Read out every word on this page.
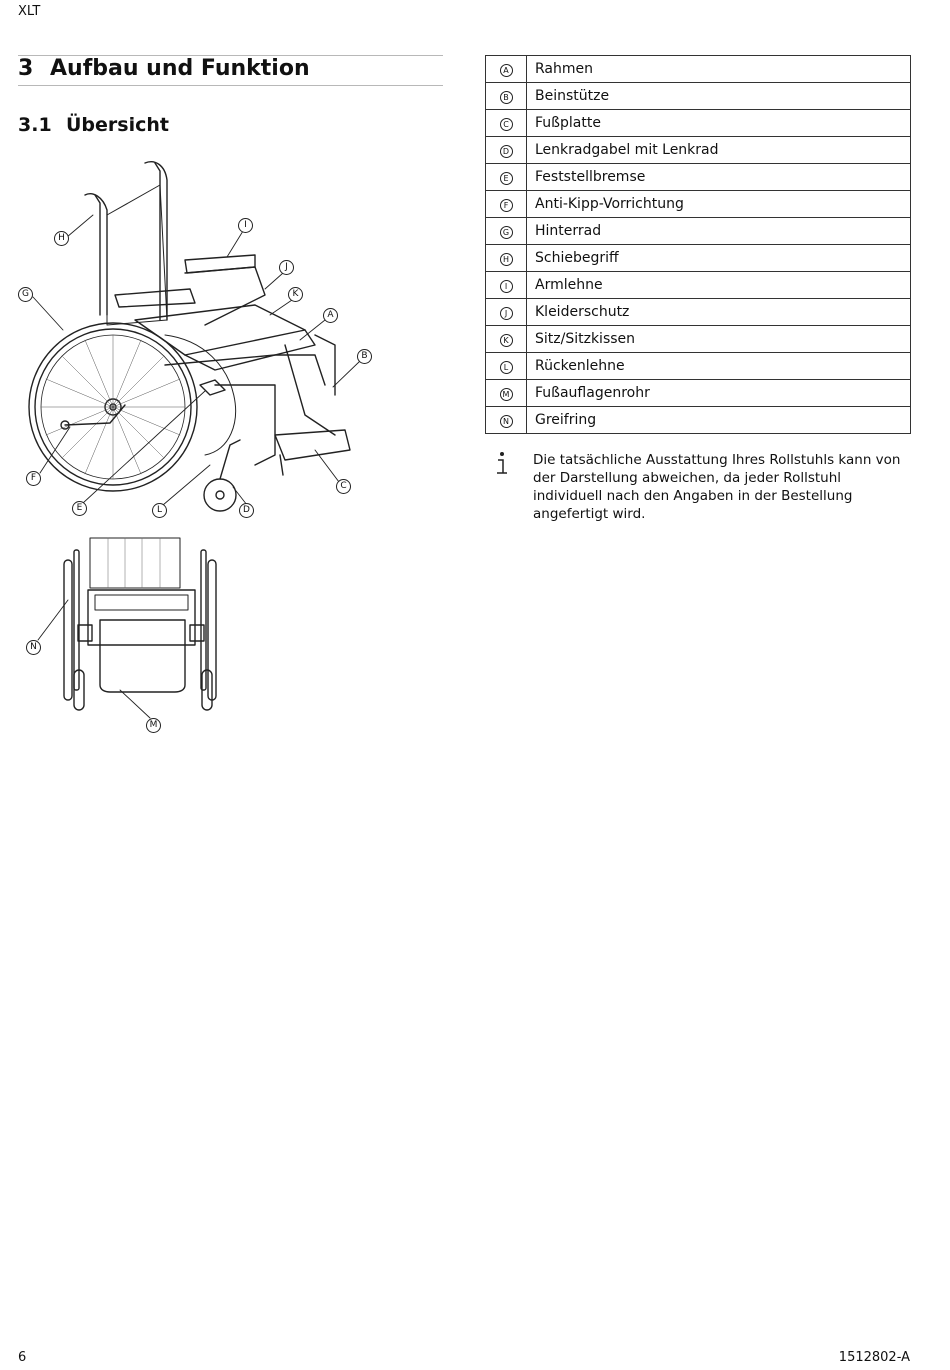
XLT
3 Aufbau und Funktion
3.1 Übersicht
H
I
J
G	K
A
B
F
C
E	L	D
N
M
A	Rahmen
B	Beinstütze
C	Fußplatte
D	Lenkradgabel mit Lenkrad
E	Feststellbremse
F	Anti-Kipp-Vorrichtung
G	Hinterrad
H	Schiebegriff
I	Armlehne
J	Kleiderschutz
K	Sitz/Sitzkissen
L	Rückenlehne
M	Fußauflagenrohr
N	Greifring
Die tatsächliche Ausstattung Ihres Rollstuhls kann von der Darstellung abweichen, da jeder Rollstuhl individuell nach den Angaben in der Bestellung angefertigt wird.
6	1512802-A
